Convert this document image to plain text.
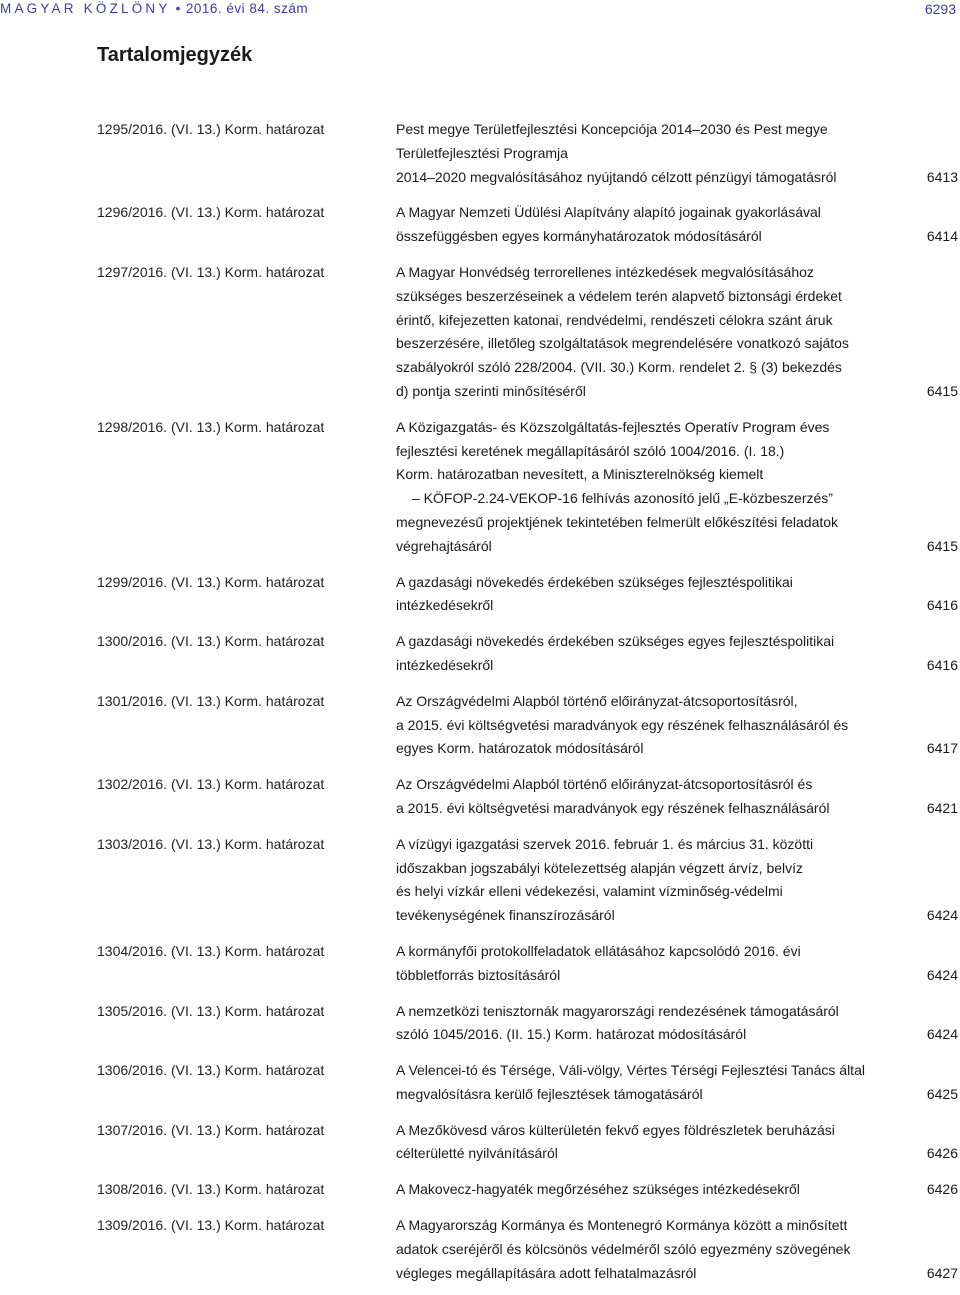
MAGYAR KÖZLÖNY • 2016. évi 84. szám	6293
Tartalomjegyzék
1295/2016. (VI. 13.) Korm. határozat	Pest megye Területfejlesztési Koncepciója 2014–2030 és Pest megye
Területfejlesztési Programja
2014–2020 megvalósításához nyújtandó célzott pénzügyi támogatásról	6413
1296/2016. (VI. 13.) Korm. határozat	A Magyar Nemzeti Üdülési Alapítvány alapító jogainak gyakorlásával
összefüggésben egyes kormányhatározatok módosításáról	6414
1297/2016. (VI. 13.) Korm. határozat	A Magyar Honvédség terrorellenes intézkedések megvalósításához
szükséges beszerzéseinek a védelem terén alapvető biztonsági érdeket
érintő, kifejezetten katonai, rendvédelmi, rendészeti célokra szánt áruk
beszerzésére, illetőleg szolgáltatások megrendelésére vonatkozó sajátos
szabályokról szóló 228/2004. (VII. 30.) Korm. rendelet 2. § (3) bekezdés
d) pontja szerinti minősítéséről	6415
1298/2016. (VI. 13.) Korm. határozat	A Közigazgatás- és Közszolgáltatás-fejlesztés Operatív Program éves
fejlesztési keretének megállapításáról szóló 1004/2016. (I. 18.)
Korm. határozatban nevesített, a Miniszterelnökség kiemelt
– KÖFOP-2.24-VEKOP-16 felhívás azonosító jelű „E-közbeszerzés”
megnevezésű projektjének tekintetében felmerült előkészítési feladatok
végrehajtásáról	6415
1299/2016. (VI. 13.) Korm. határozat	A gazdasági növekedés érdekében szükséges fejlesztéspolitikai
intézkedésekről	6416
1300/2016. (VI. 13.) Korm. határozat	A gazdasági növekedés érdekében szükséges egyes fejlesztéspolitikai
intézkedésekről	6416
1301/2016. (VI. 13.) Korm. határozat	Az Országvédelmi Alapból történő előirányzat-átcsoportosításról,
a 2015. évi költségvetési maradványok egy részének felhasználásáról és
egyes Korm. határozatok módosításáról	6417
1302/2016. (VI. 13.) Korm. határozat	Az Országvédelmi Alapból történő előirányzat-átcsoportosításról és
a 2015. évi költségvetési maradványok egy részének felhasználásáról	6421
1303/2016. (VI. 13.) Korm. határozat	A vízügyi igazgatási szervek 2016. február 1. és március 31. közötti
időszakban jogszabályi kötelezettség alapján végzett árvíz, belvíz
és helyi vízkár elleni védekezési, valamint vízminőség-védelmi
tevékenységének finanszírozásáról	6424
1304/2016. (VI. 13.) Korm. határozat	A kormányfői protokollfeladatok ellátásához kapcsolódó 2016. évi
többletforrás biztosításáról	6424
1305/2016. (VI. 13.) Korm. határozat	A nemzetközi tenisztornák magyarországi rendezésének támogatásáról
szóló 1045/2016. (II. 15.) Korm. határozat módosításáról	6424
1306/2016. (VI. 13.) Korm. határozat	A Velencei-tó és Térsége, Váli-völgy, Vértes Térségi Fejlesztési Tanács által
megvalósításra kerülő fejlesztések támogatásáról	6425
1307/2016. (VI. 13.) Korm. határozat	A Mezőkövesd város külterületén fekvő egyes földrészletek beruházási
célterületté nyilvánításáról	6426
1308/2016. (VI. 13.) Korm. határozat	A Makovecz-hagyaték megőrzéséhez szükséges intézkedésekről	6426
1309/2016. (VI. 13.) Korm. határozat	A Magyarország Kormánya és Montenegró Kormánya között a minősített
adatok cseréjéről és kölcsönös védelméről szóló egyezmény szövegének
végleges megállapítására adott felhatalmazásról	6427
